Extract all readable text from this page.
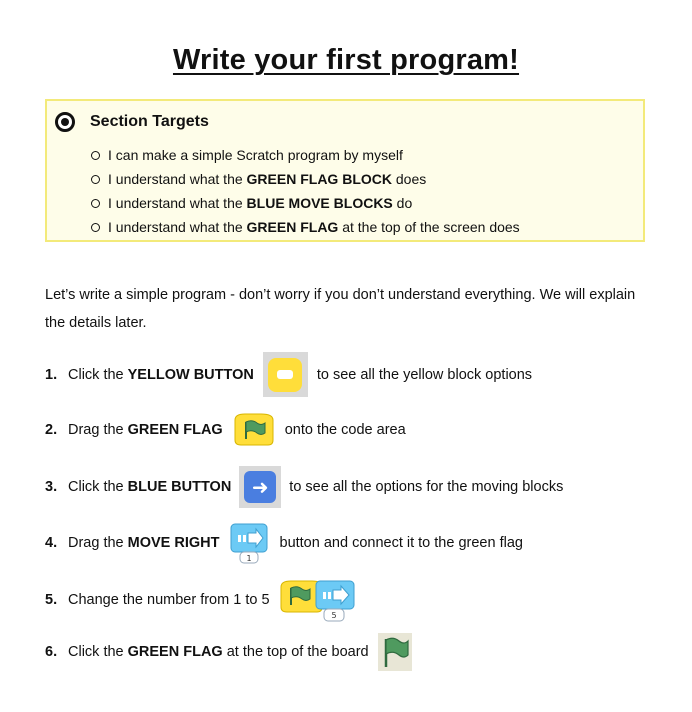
Write your first program!
Section Targets
I can make a simple Scratch program by myself
I understand what the
GREEN FLAG BLOCK does
I understand what the
BLUE MOVE BLOCKS do
I understand what the
GREEN FLAG at the top of the screen does
Let’s write a simple program - don’t worry if you don’t understand everything. We will explain the details later.
1. Click the YELLOW BUTTON	to see all the yellow block options
2. Drag the GREEN FLAG	onto the code area
3. Click the BLUE BUTTON	➜	to see all the options for the moving blocks
4. Drag the MOVE RIGHT
1
button and connect it to the green flag
5. Change the number from 1 to 5
5
6. Click the GREEN FLAG at the top of the board
